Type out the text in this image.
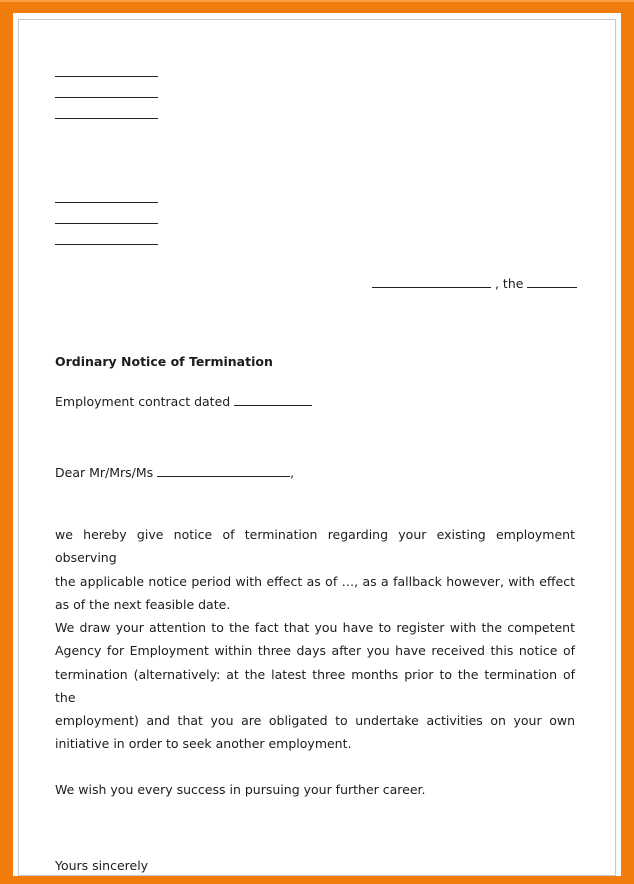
, the
Ordinary Notice of Termination
Employment contract dated
Dear Mr/Mrs/Ms	,
we hereby give notice of termination regarding your existing employment observing
the applicable notice period with effect as of …, as a fallback however, with effect
as of the next feasible date.
We draw your attention to the fact that you have to register with the competent
Agency for Employment within three days after you have received this notice of
termination (alternatively: at the latest three months prior to the termination of the
employment) and that you are obligated to undertake activities on your own
initiative in order to seek another employment.
We wish you every success in pursuing your further career.
Yours sincerely
